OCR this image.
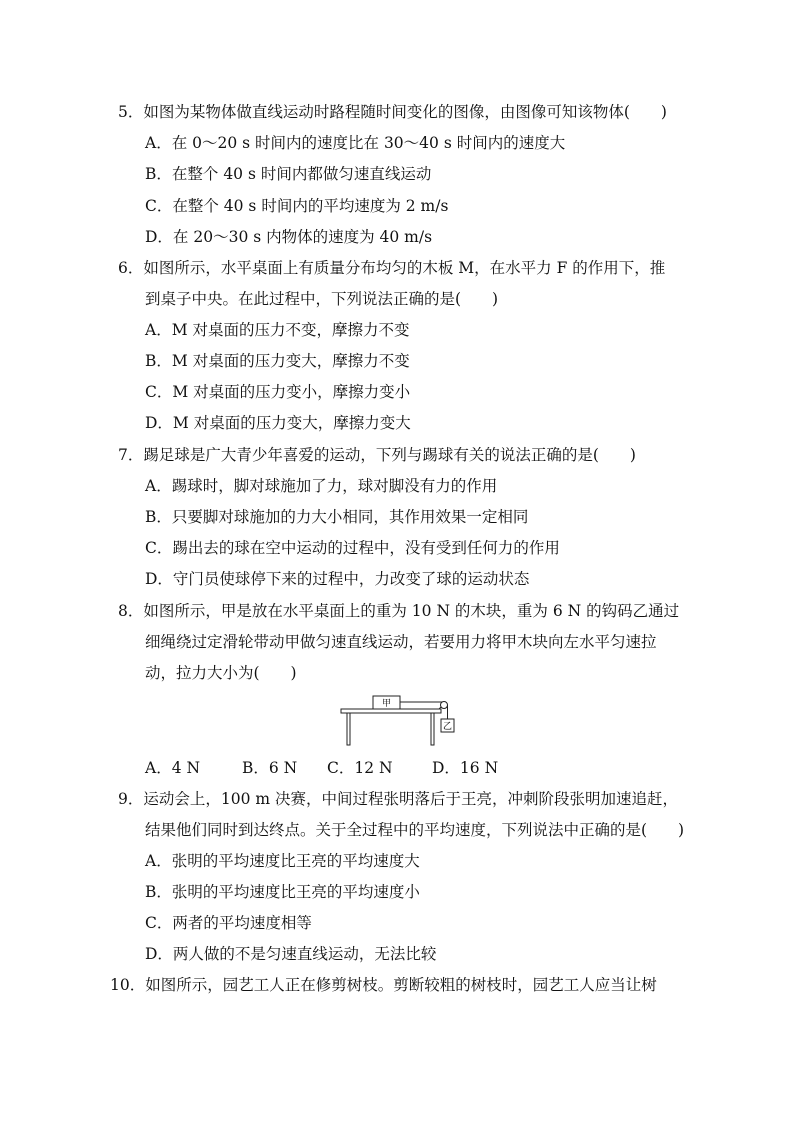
5．如图为某物体做直线运动时路程随时间变化的图像，由图像可知该物体(　　)
A．在 0～20 s 时间内的速度比在 30～40 s 时间内的速度大
B．在整个 40 s 时间内都做匀速直线运动
C．在整个 40 s 时间内的平均速度为 2 m/s
D．在 20～30 s 内物体的速度为 40 m/s
6．如图所示，水平桌面上有质量分布均匀的木板 M，在水平力 F 的作用下，推
到桌子中央。在此过程中，下列说法正确的是(　　)
A．M 对桌面的压力不变，摩擦力不变
B．M 对桌面的压力变大，摩擦力不变
C．M 对桌面的压力变小，摩擦力变小
D．M 对桌面的压力变大，摩擦力变大
7．踢足球是广大青少年喜爱的运动，下列与踢球有关的说法正确的是(　　)
A．踢球时，脚对球施加了力，球对脚没有力的作用
B．只要脚对球施加的力大小相同，其作用效果一定相同
C．踢出去的球在空中运动的过程中，没有受到任何力的作用
D．守门员使球停下来的过程中，力改变了球的运动状态
8．如图所示，甲是放在水平桌面上的重为 10 N 的木块，重为 6 N 的钩码乙通过
细绳绕过定滑轮带动甲做匀速直线运动，若要用力将甲木块向左水平匀速拉
动，拉力大小为(　　)
甲
乙
A．4 N	B．6 N C．12 N	D．16 N
9．运动会上，100 m 决赛，中间过程张明落后于王亮，冲刺阶段张明加速追赶，
结果他们同时到达终点。关于全过程中的平均速度，下列说法中正确的是(　　)
A．张明的平均速度比王亮的平均速度大
B．张明的平均速度比王亮的平均速度小
C．两者的平均速度相等
D．两人做的不是匀速直线运动，无法比较
10．如图所示，园艺工人正在修剪树枝。剪断较粗的树枝时，园艺工人应当让树
